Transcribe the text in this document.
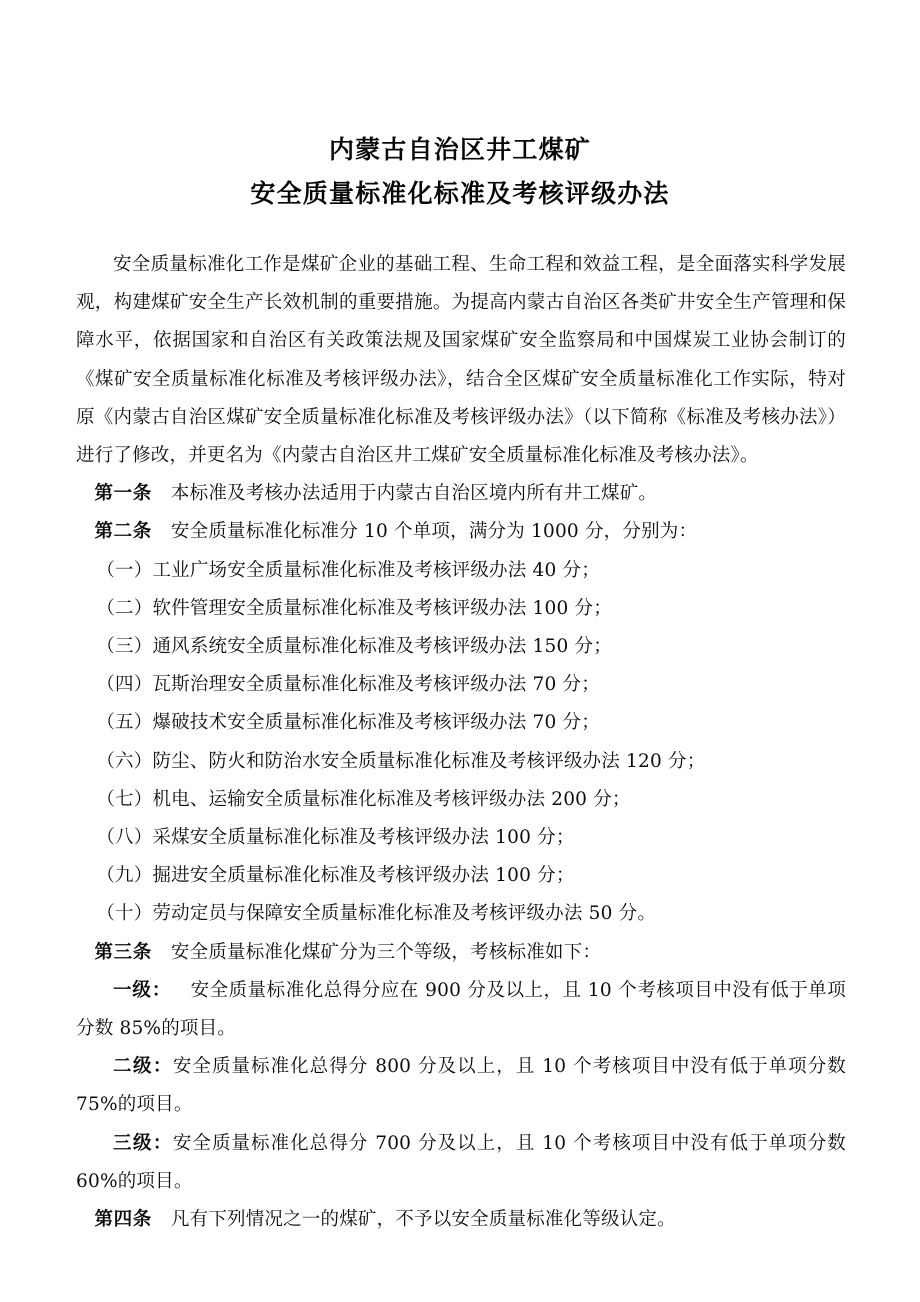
内蒙古自治区井工煤矿
安全质量标准化标准及考核评级办法

安全质量标准化工作是煤矿企业的基础工程、生命工程和效益工程，是全面落实科学发展观，构建煤矿安全生产长效机制的重要措施。为提高内蒙古自治区各类矿井安全生产管理和保障水平，依据国家和自治区有关政策法规及国家煤矿安全监察局和中国煤炭工业协会制订的《煤矿安全质量标准化标准及考核评级办法》，结合全区煤矿安全质量标准化工作实际，特对原《内蒙古自治区煤矿安全质量标准化标准及考核评级办法》（以下简称《标准及考核办法》）进行了修改，并更名为《内蒙古自治区井工煤矿安全质量标准化标准及考核办法》。

第一条 本标准及考核办法适用于内蒙古自治区境内所有井工煤矿。

第二条 安全质量标准化标准分 10 个单项，满分为 1000 分，分别为：

（一）工业广场安全质量标准化标准及考核评级办法 40 分；

（二）软件管理安全质量标准化标准及考核评级办法 100 分；

（三）通风系统安全质量标准化标准及考核评级办法 150 分；

（四）瓦斯治理安全质量标准化标准及考核评级办法 70 分；

（五）爆破技术安全质量标准化标准及考核评级办法 70 分；

（六）防尘、防火和防治水安全质量标准化标准及考核评级办法 120 分；

（七）机电、运输安全质量标准化标准及考核评级办法 200 分；

（八）采煤安全质量标准化标准及考核评级办法 100 分；

（九）掘进安全质量标准化标准及考核评级办法 100 分；

（十）劳动定员与保障安全质量标准化标准及考核评级办法 50 分。

第三条 安全质量标准化煤矿分为三个等级，考核标准如下：

一级： 安全质量标准化总得分应在 900 分及以上，且 10 个考核项目中没有低于单项分数 85%的项目。

二级：安全质量标准化总得分 800 分及以上，且 10 个考核项目中没有低于单项分数 75%的项目。

三级：安全质量标准化总得分 700 分及以上，且 10 个考核项目中没有低于单项分数 60%的项目。

第四条 凡有下列情况之一的煤矿，不予以安全质量标准化等级认定。
